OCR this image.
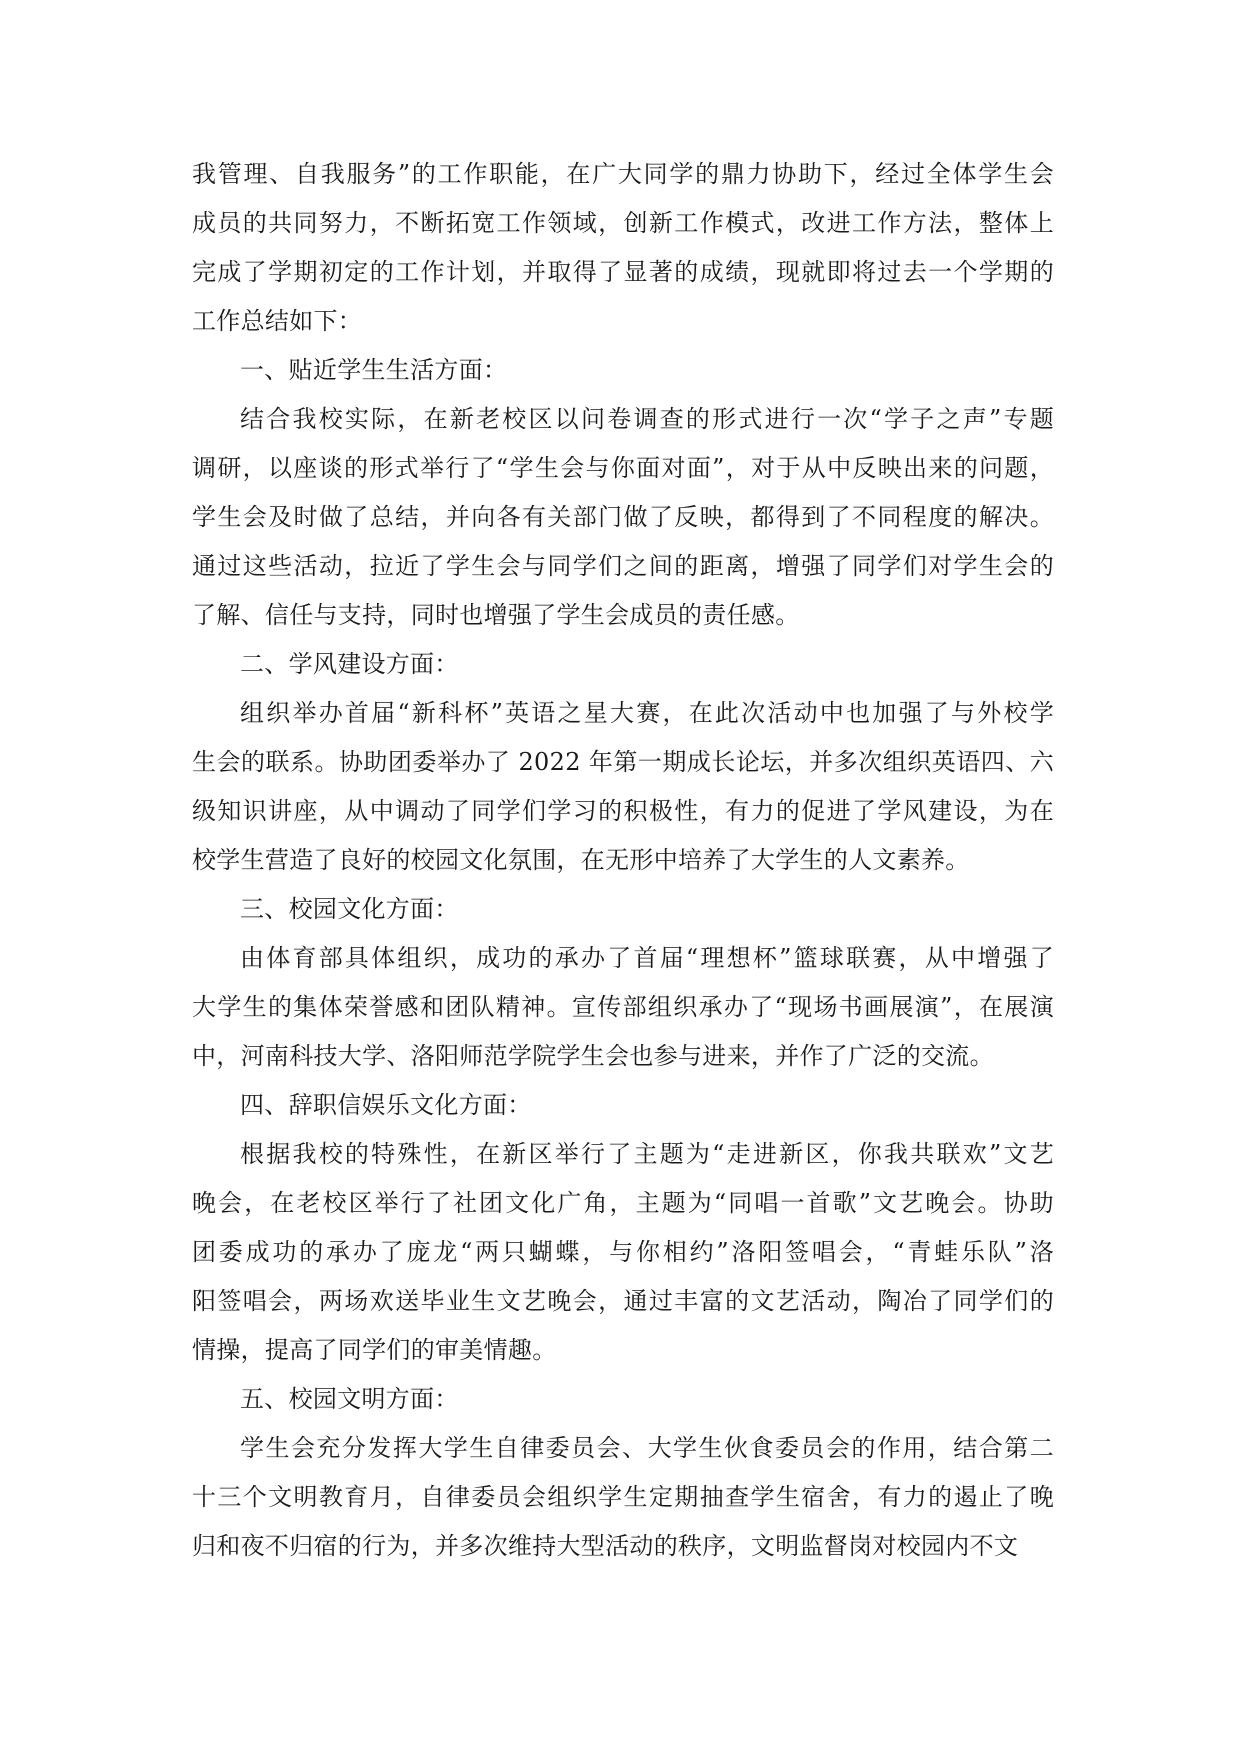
我管理、自我服务”的工作职能，在广大同学的鼎力协助下，经过全体学生会
成员的共同努力，不断拓宽工作领域，创新工作模式，改进工作方法，整体上
完成了学期初定的工作计划，并取得了显著的成绩，现就即将过去一个学期的
工作总结如下：
一、贴近学生生活方面：
结合我校实际，在新老校区以问卷调查的形式进行一次“学子之声”专题
调研，以座谈的形式举行了“学生会与你面对面”，对于从中反映出来的问题，
学生会及时做了总结，并向各有关部门做了反映，都得到了不同程度的解决。
通过这些活动，拉近了学生会与同学们之间的距离，增强了同学们对学生会的
了解、信任与支持，同时也增强了学生会成员的责任感。
二、学风建设方面：
组织举办首届“新科杯”英语之星大赛，在此次活动中也加强了与外校学
生会的联系。协助团委举办了 2022 年第一期成长论坛，并多次组织英语四、六
级知识讲座，从中调动了同学们学习的积极性，有力的促进了学风建设，为在
校学生营造了良好的校园文化氛围，在无形中培养了大学生的人文素养。
三、校园文化方面：
由体育部具体组织，成功的承办了首届“理想杯”篮球联赛，从中增强了
大学生的集体荣誉感和团队精神。宣传部组织承办了“现场书画展演”，在展演
中，河南科技大学、洛阳师范学院学生会也参与进来，并作了广泛的交流。
四、辞职信娱乐文化方面：
根据我校的特殊性，在新区举行了主题为“走进新区，你我共联欢”文艺
晚会，在老校区举行了社团文化广角，主题为“同唱一首歌”文艺晚会。协助
团委成功的承办了庞龙“两只蝴蝶，与你相约”洛阳签唱会，“青蛙乐队”洛
阳签唱会，两场欢送毕业生文艺晚会，通过丰富的文艺活动，陶冶了同学们的
情操，提高了同学们的审美情趣。
五、校园文明方面：
学生会充分发挥大学生自律委员会、大学生伙食委员会的作用，结合第二
十三个文明教育月，自律委员会组织学生定期抽查学生宿舍，有力的遏止了晚
归和夜不归宿的行为，并多次维持大型活动的秩序，文明监督岗对校园内不文
